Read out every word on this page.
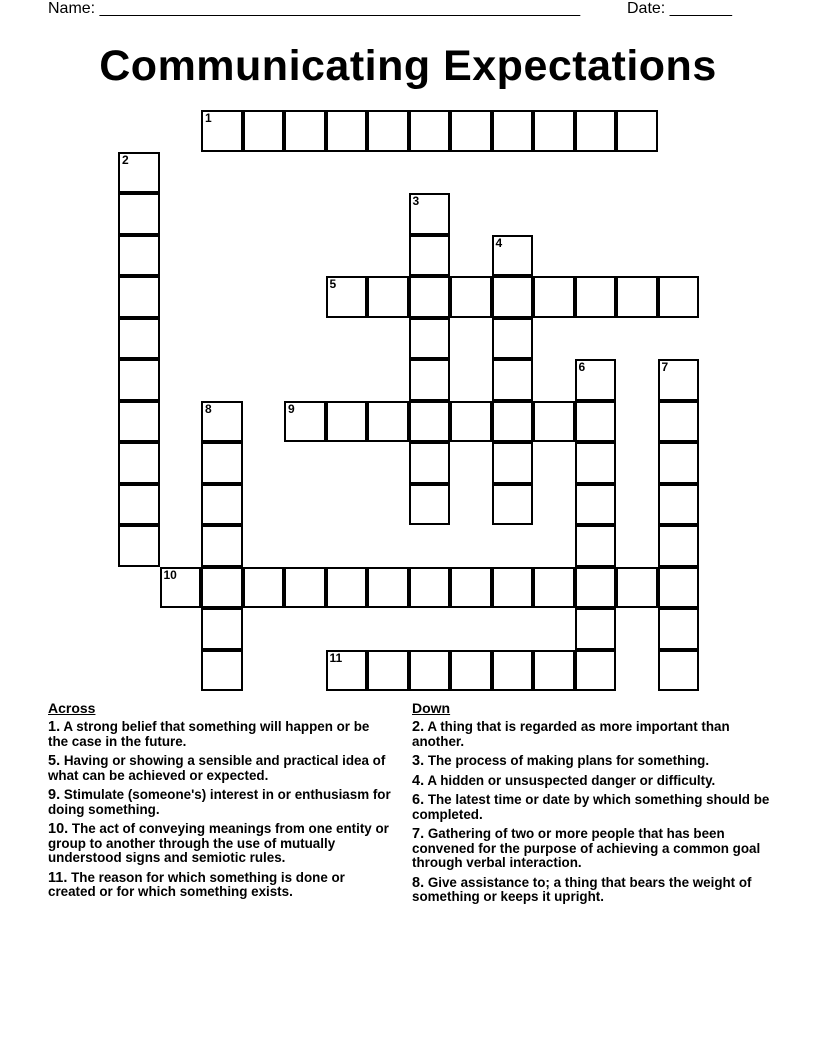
Name: ______________________________________________________	Date: _______
Communicating Expectations
1
2
3
4
5
6	7
8	9
10
11
Across
1. A strong belief that something will happen or be the case in the future.
5. Having or showing a sensible and practical idea of what can be achieved or expected.
9. Stimulate (someone's) interest in or enthusiasm for doing something.
10. The act of conveying meanings from one entity or group to another through the use of mutually understood signs and semiotic rules.
11. The reason for which something is done or created or for which something exists.
Down
2. A thing that is regarded as more important than another.
3. The process of making plans for something.
4. A hidden or unsuspected danger or difficulty.
6. The latest time or date by which something should be completed.
7. Gathering of two or more people that has been convened for the purpose of achieving a common goal through verbal interaction.
8. Give assistance to; a thing that bears the weight of something or keeps it upright.
